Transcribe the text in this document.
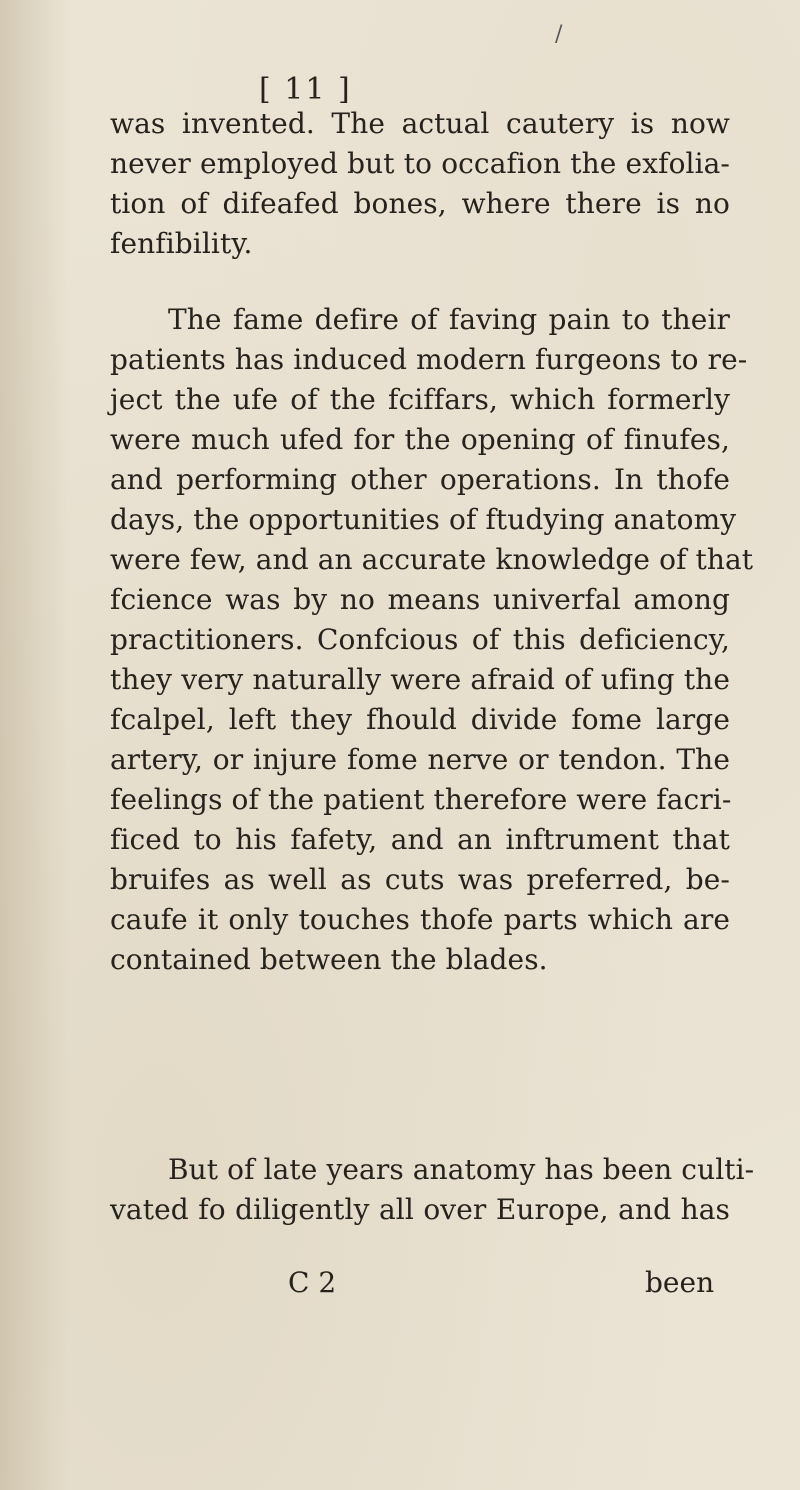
/
[ 11 ]
was invented. The actual cautery is now
never employed but to occafion the exfolia-
tion of difeafed bones, where there is no
fenfibility.
The fame defire of faving pain to their
patients has induced modern furgeons to re-
ject the ufe of the fciffars, which formerly
were much ufed for the opening of finufes,
and performing other operations. In thofe
days, the opportunities of ftudying anatomy
were few, and an accurate knowledge of that
fcience was by no means univerfal among
practitioners. Confcious of this deficiency,
they very naturally were afraid of ufing the
fcalpel, left they fhould divide fome large
artery, or injure fome nerve or tendon. The
feelings of the patient therefore were facri-
ficed to his fafety, and an inftrument that
bruifes as well as cuts was preferred, be-
caufe it only touches thofe parts which are
contained between the blades.
But of late years anatomy has been culti-
vated fo diligently all over Europe, and has
C 2	been
